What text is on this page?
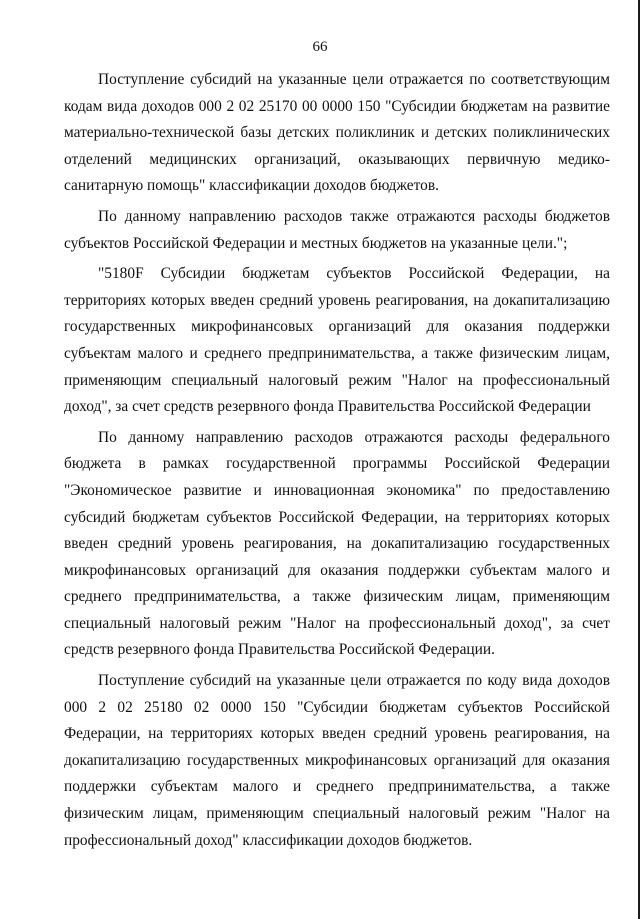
66

Поступление субсидий на указанные цели отражается по соответствующим кодам вида доходов 000 2 02 25170 00 0000 150 "Субсидии бюджетам на развитие материально-технической базы детских поликлиник и детских поликлинических отделений медицинских организаций, оказывающих первичную медико-санитарную помощь" классификации доходов бюджетов.

По данному направлению расходов также отражаются расходы бюджетов субъектов Российской Федерации и местных бюджетов на указанные цели.";

"5180F Субсидии бюджетам субъектов Российской Федерации, на территориях которых введен средний уровень реагирования, на докапитализацию государственных микрофинансовых организаций для оказания поддержки субъектам малого и среднего предпринимательства, а также физическим лицам, применяющим специальный налоговый режим "Налог на профессиональный доход", за счет средств резервного фонда Правительства Российской Федерации

По данному направлению расходов отражаются расходы федерального бюджета в рамках государственной программы Российской Федерации "Экономическое развитие и инновационная экономика" по предоставлению субсидий бюджетам субъектов Российской Федерации, на территориях которых введен средний уровень реагирования, на докапитализацию государственных микрофинансовых организаций для оказания поддержки субъектам малого и среднего предпринимательства, а также физическим лицам, применяющим специальный налоговый режим "Налог на профессиональный доход", за счет средств резервного фонда Правительства Российской Федерации.

Поступление субсидий на указанные цели отражается по коду вида доходов 000 2 02 25180 02 0000 150 "Субсидии бюджетам субъектов Российской Федерации, на территориях которых введен средний уровень реагирования, на докапитализацию государственных микрофинансовых организаций для оказания поддержки субъектам малого и среднего предпринимательства, а также физическим лицам, применяющим специальный налоговый режим "Налог на профессиональный доход" классификации доходов бюджетов.
